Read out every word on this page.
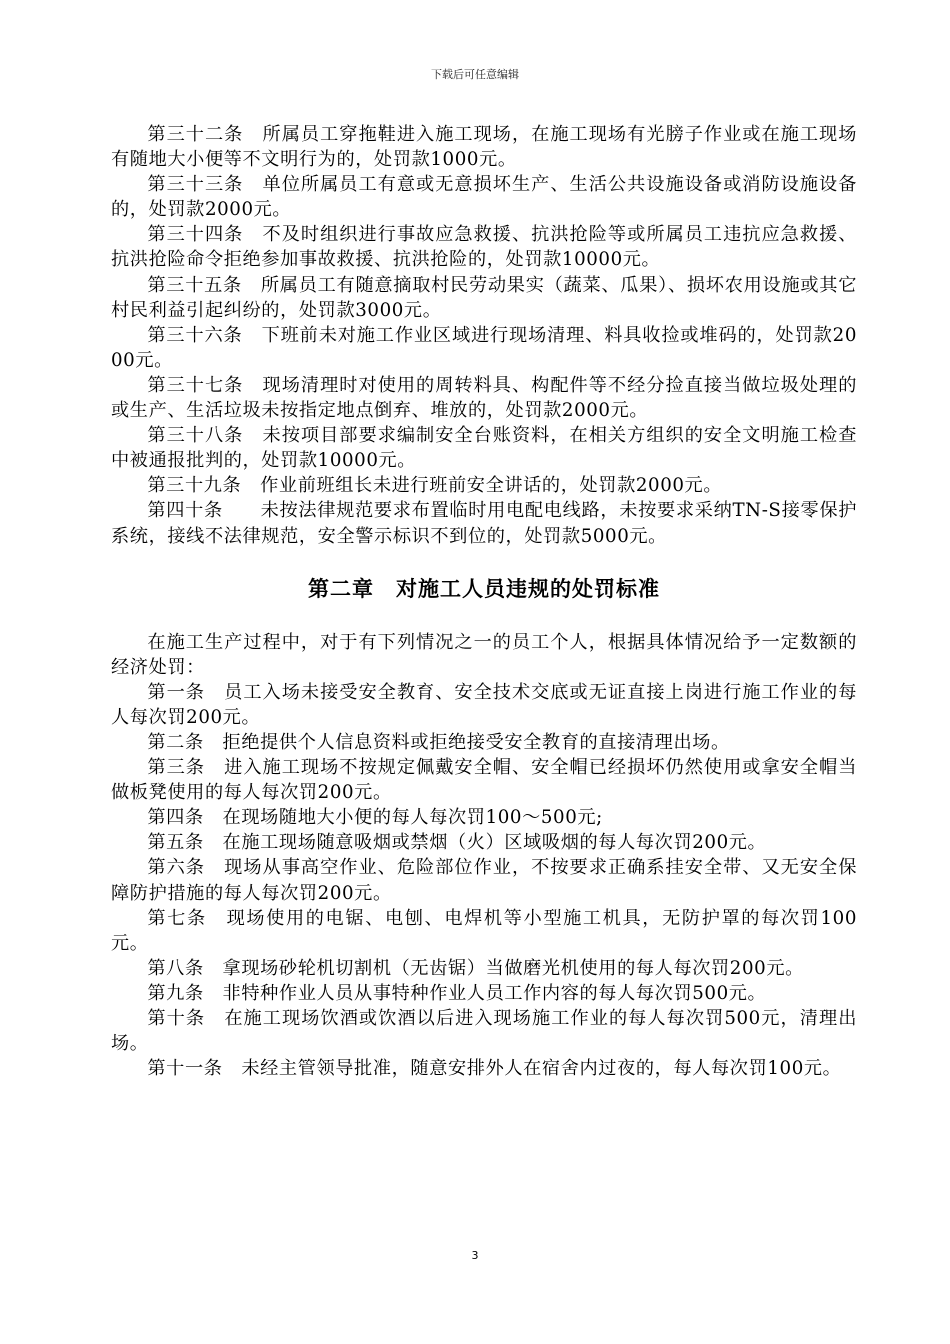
下载后可任意编辑

第三十二条　所属员工穿拖鞋进入施工现场，在施工现场有光膀子作业或在施工现场有随地大小便等不文明行为的，处罚款1000元。

第三十三条　单位所属员工有意或无意损坏生产、生活公共设施设备或消防设施设备的，处罚款2000元。

第三十四条　不及时组织进行事故应急救援、抗洪抢险等或所属员工违抗应急救援、抗洪抢险命令拒绝参加事故救援、抗洪抢险的，处罚款10000元。

第三十五条　所属员工有随意摘取村民劳动果实（蔬菜、瓜果）、损坏农用设施或其它村民利益引起纠纷的，处罚款3000元。

第三十六条　下班前未对施工作业区域进行现场清理、料具收捡或堆码的，处罚款2000元。

第三十七条　现场清理时对使用的周转料具、构配件等不经分捡直接当做垃圾处理的或生产、生活垃圾未按指定地点倒弃、堆放的，处罚款2000元。

第三十八条　未按项目部要求编制安全台账资料，在相关方组织的安全文明施工检查中被通报批判的，处罚款10000元。

第三十九条　作业前班组长未进行班前安全讲话的，处罚款2000元。

第四十条　　未按法律规范要求布置临时用电配电线路，未按要求采纳TN-S接零保护系统，接线不法律规范，安全警示标识不到位的，处罚款5000元。

第二章　对施工人员违规的处罚标准

在施工生产过程中，对于有下列情况之一的员工个人，根据具体情况给予一定数额的经济处罚：

第一条　员工入场未接受安全教育、安全技术交底或无证直接上岗进行施工作业的每人每次罚200元。

第二条　拒绝提供个人信息资料或拒绝接受安全教育的直接清理出场。

第三条　进入施工现场不按规定佩戴安全帽、安全帽已经损坏仍然使用或拿安全帽当做板凳使用的每人每次罚200元。

第四条　在现场随地大小便的每人每次罚100～500元;

第五条　在施工现场随意吸烟或禁烟（火）区域吸烟的每人每次罚200元。

第六条　现场从事高空作业、危险部位作业，不按要求正确系挂安全带、又无安全保障防护措施的每人每次罚200元。

第七条　现场使用的电锯、电刨、电焊机等小型施工机具，无防护罩的每次罚100元。

第八条　拿现场砂轮机切割机（无齿锯）当做磨光机使用的每人每次罚200元。

第九条　非特种作业人员从事特种作业人员工作内容的每人每次罚500元。

第十条　在施工现场饮酒或饮酒以后进入现场施工作业的每人每次罚500元，清理出场。

第十一条　未经主管领导批准，随意安排外人在宿舍内过夜的，每人每次罚100元。

3
